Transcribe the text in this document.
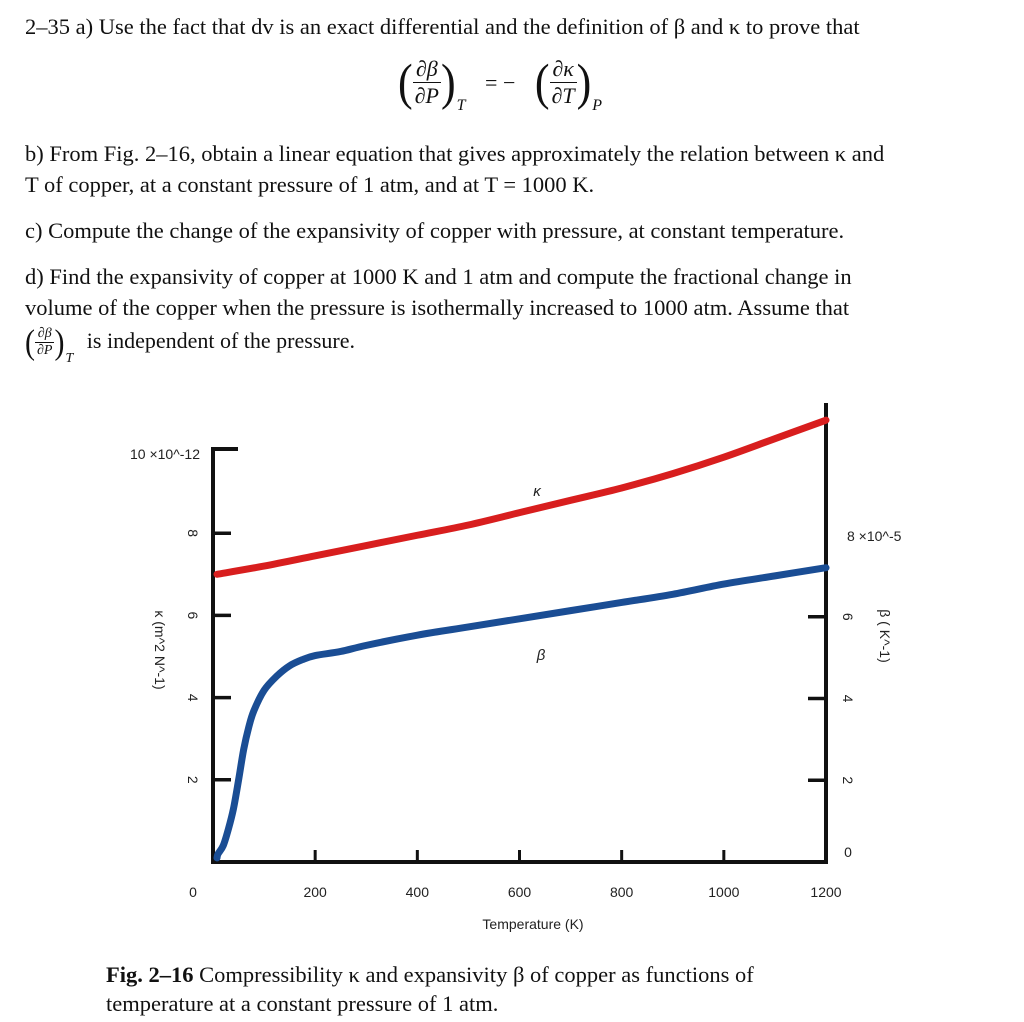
2–35 a) Use the fact that dv is an exact differential and the definition of β and κ to prove that

( $\frac{\partial\beta}{\partial P} )_T$ = − ( $\frac{\partial\kappa}{\partial T} )_P$

b) From Fig. 2–16, obtain a linear equation that gives approximately the relation between κ and

T of copper, at a constant pressure of 1 atm, and at T = 1000 K.

c) Compute the change of the expansivity of copper with pressure, at constant temperature.

d) Find the expansivity of copper at 1000 K and 1 atm and compute the fractional change in

volume of the copper when the pressure is isothermally increased to 1000 atm. Assume that

( $\frac{\partial\beta}{\partial P} )_T$ is independent of the pressure.
0	200	400	600	800	1000	1200
2
4
6
8
10 ×10^-12
κ (m^2 N^-1)
0
2
4
6
8 ×10^-5
β ( K^-1)
Temperature (K)
κ
β

Fig. 2–16 Compressibility κ and expansivity β of copper as functions of
temperature at a constant pressure of 1 atm.
